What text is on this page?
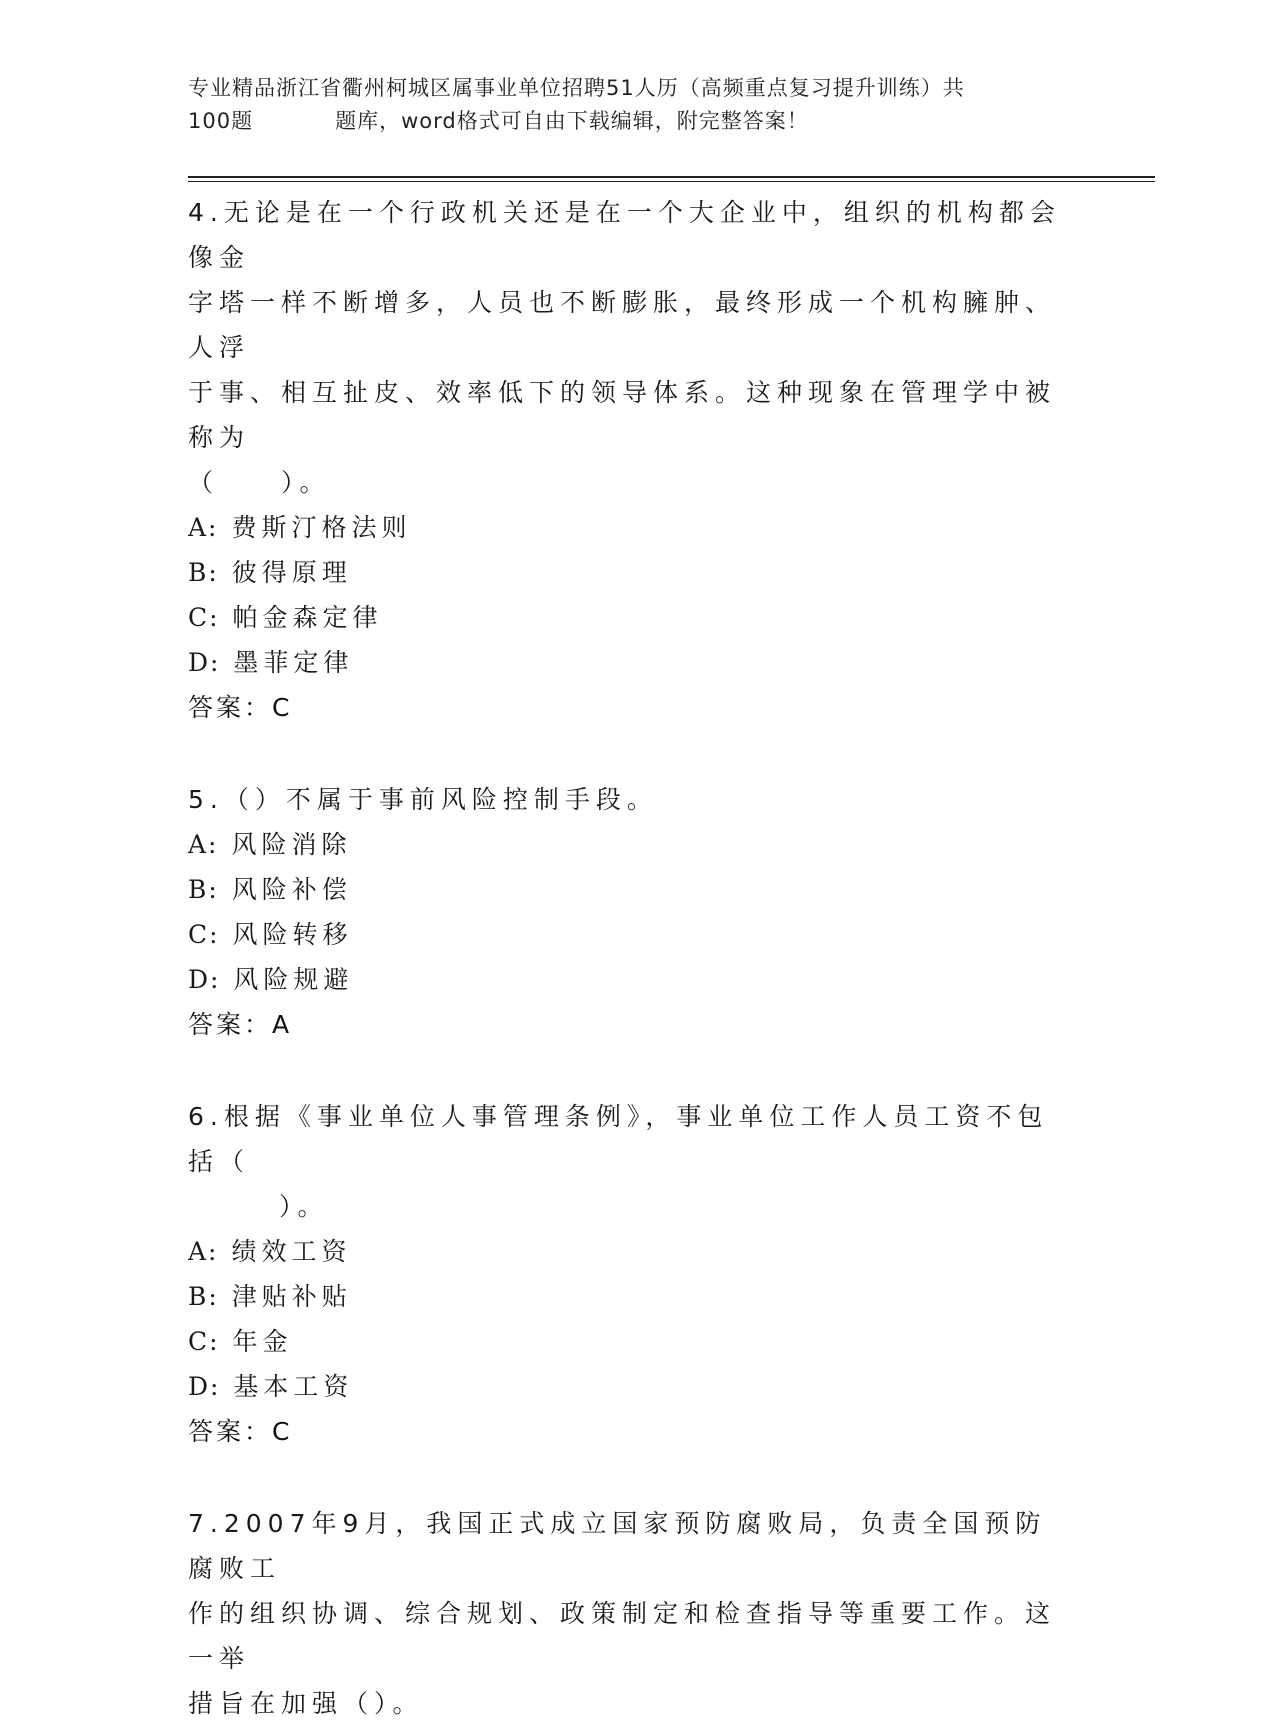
专业精品浙江省衢州柯城区属事业单位招聘51人历（高频重点复习提升训练）共
100题	题库，word格式可自由下载编辑，附完整答案！
4.无论是在一个行政机关还是在一个大企业中，组织的机构都会像金
字塔一样不断增多，人员也不断膨胀，最终形成一个机构臃肿、人浮
于事、相互扯皮、效率低下的领导体系。这种现象在管理学中被称为
（　　）。
A: 费斯汀格法则
B: 彼得原理
C: 帕金森定律
D: 墨菲定律
答案：C
5.（）不属于事前风险控制手段。
A: 风险消除
B: 风险补偿
C: 风险转移
D: 风险规避
答案：A
6.根据《事业单位人事管理条例》，事业单位工作人员工资不包括（
　）。
A: 绩效工资
B: 津贴补贴
C: 年金
D: 基本工资
答案：C
7.2007年9月，我国正式成立国家预防腐败局，负责全国预防腐败工
作的组织协调、综合规划、政策制定和检查指导等重要工作。这一举
措旨在加强（）。
